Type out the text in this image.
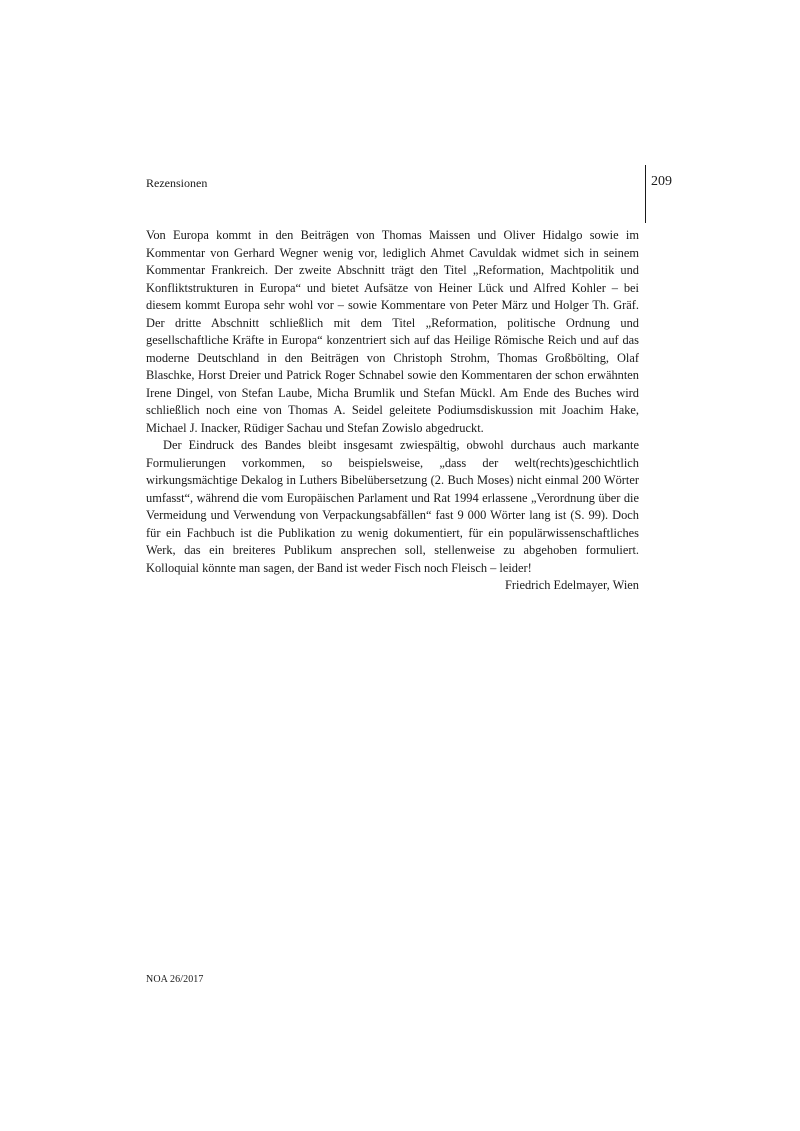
Rezensionen	209

Von Europa kommt in den Beiträgen von Thomas Maissen und Oliver Hidalgo sowie im Kommentar von Gerhard Wegner wenig vor, lediglich Ahmet Cavuldak widmet sich in seinem Kommentar Frankreich. Der zweite Abschnitt trägt den Titel „Reformation, Machtpolitik und Konfliktstrukturen in Europa“ und bietet Aufsätze von Heiner Lück und Alfred Kohler – bei diesem kommt Europa sehr wohl vor – sowie Kommentare von Peter März und Holger Th. Gräf. Der dritte Abschnitt schließlich mit dem Titel „Reformation, politische Ordnung und gesellschaftliche Kräfte in Europa“ konzentriert sich auf das Heilige Römische Reich und auf das moderne Deutschland in den Beiträgen von Christoph Strohm, Thomas Großbölting, Olaf Blaschke, Horst Dreier und Patrick Roger Schnabel sowie den Kommentaren der schon erwähnten Irene Dingel, von Stefan Laube, Micha Brumlik und Stefan Mückl. Am Ende des Buches wird schließlich noch eine von Thomas A. Seidel geleitete Podiumsdiskussion mit Joachim Hake, Michael J. Inacker, Rüdiger Sachau und Stefan Zowislo abgedruckt.

Der Eindruck des Bandes bleibt insgesamt zwiespältig, obwohl durchaus auch markante Formulierungen vorkommen, so beispielsweise, „dass der welt(rechts)geschichtlich wirkungsmächtige Dekalog in Luthers Bibelübersetzung (2. Buch Moses) nicht einmal 200 Wörter umfasst“, während die vom Europäischen Parlament und Rat 1994 erlassene „Verordnung über die Vermeidung und Verwendung von Verpackungsabfällen“ fast 9 000 Wörter lang ist (S. 99). Doch für ein Fachbuch ist die Publikation zu wenig dokumentiert, für ein populärwissenschaftliches Werk, das ein breiteres Publikum ansprechen soll, stellenweise zu abgehoben formuliert. Kolloquial könnte man sagen, der Band ist weder Fisch noch Fleisch – leider!

Friedrich Edelmayer, Wien

NOA 26/2017
